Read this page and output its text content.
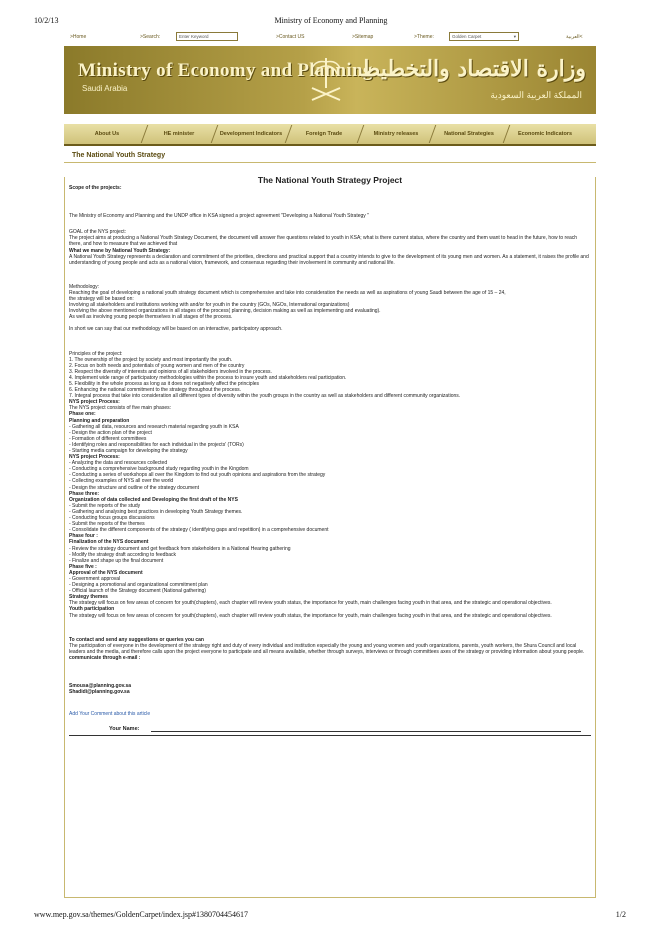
10/2/13	Ministry of Economy and Planning
>Home	>Search:	Enter Keyword	>Contact US	>Sitemap	>Theme:	Golden Carpet	▾	العربية<
Ministry of Economy and Planning
Saudi Arabia
وزارة الاقتصاد والتخطيط
المملكة العربية السعودية
About Us	HE minister	Development Indicators	Foreign Trade	Ministry releases	National Strategies	Economic Indicators
The National Youth Strategy
The National Youth Strategy Project
Scope of the projects:
The Ministry of Economy and Planning and the UNDP office in KSA signed a project agreement "Developing a National Youth Strategy "
GOAL of the NYS project:
The project aims at producing a National Youth Strategy Document, the document will answer five questions related to youth in KSA; what is there current status, where the country and them want to head in the future, how to reach there, and how to measure that we achieved that
What we mane by National Youth Strategy:
A National Youth Strategy represents a declaration and commitment of the priorities, directions and practical support that a country intends to give to the development of its young men and women. As a statement, it raises the profile and understanding of young people and acts as a national vision, framework, and consensus regarding their involvement in community and national life.
Methodology:
Reaching the goal of developing a national youth strategy document which is comprehensive and take into consideration the needs as well as aspirations of young Saudi between the age of 15 – 24,
the strategy will be based on:
Involving all stakeholders and institutions working with and/or for youth in the country (GOs, NGOs, International organizations)
Involving the above mentioned organizations in all stages of the process( planning, decision making as well as implementing and evaluating).
As well as involving young people themselves in all stages of the process.
In short we can say that our methodology will be based on an interactive, participatory approach.
Principles of the project:
1. The ownership of the project by society and most importantly the youth.
2. Focus on both needs and potentials of young women and men of the country
3. Respect the diversity of interests and opinions of all stakeholders involved in the process.
4. Implement wide range of participatory methodologies within the process to insure youth and stakeholders real participation.
5. Flexibility in the whole process as long as it does not negatively affect the principles
6. Enhancing the national commitment to the strategy throughout the process.
7. Integral process that take into consideration all different types of diversity within the youth groups in the country as well as stakeholders and different community organizations.
NYS project Process:
The NYS project consists of five main phases:
Phase one:
Planning and preparation
- Gathering all data, resources and research material regarding youth in KSA
- Design the action plan of the project
- Formation of different committees
- Identifying roles and responsibilities for each individual in the projects' (TORs)
- Starting media campaign for developing the strategy
NYS project Process:
- Analyzing the data and resources collected
- Conducting a comprehensive background study regarding youth in the Kingdom
- Conducting a series of workshops all over the Kingdom to find out youth opinions and aspirations from the strategy
- Collecting examples of NYS all over the world
- Design the structure and outline of the strategy document
Phase three:
Organization of data collected and Developing the first draft of the NYS
- Submit the reports of the study
- Gathering and analysing best practices in developing Youth Strategy themes.
- Conducting focus groups discussions
- Submit the reports of the themes
- Consolidate the different components of the strategy ( identifying gaps and repetition) in a comprehensive document
Phase four :
Finalization of the NYS document
- Review the strategy document and get feedback from stakeholders in a National Hearing gathering
- Modify the strategy draft according to feedback
- Finalize and shape up the final document
Phase five :
Approval of the NYS document
- Government approval
- Designing a promotional and organizational commitment plan
- Official launch of the Strategy document (National gathering)
Strategy themes
The strategy will focus on few areas of concern for youth(chapters), each chapter will review youth status, the importance for youth, main challenges facing youth in that area, and the strategic and operational objectives.
Youth participation
The strategy will focus on few areas of concern for youth(chapters), each chapter will review youth status, the importance for youth, main challenges facing youth in that area, and the strategic and operational objectives.
To contact and send any suggestions or queries you can
The participation of everyone in the development of the strategy right and duty of every individual and institution especially the young and young women and youth organizations, parents, youth workers, the Shura Council and local leaders and the media, and therefore calls upon the project everyone to participate and all means available, whether through surveys, interviews or through committees axes of the strategy or providing information about young people.
communicate through e-mail :
Smousa@planning.gov.sa
Shadidi@planning.gov.sa
Add Your Comment about this article
Your Name:
www.mep.gov.sa/themes/GoldenCarpet/index.jsp#1380704454617	1/2
